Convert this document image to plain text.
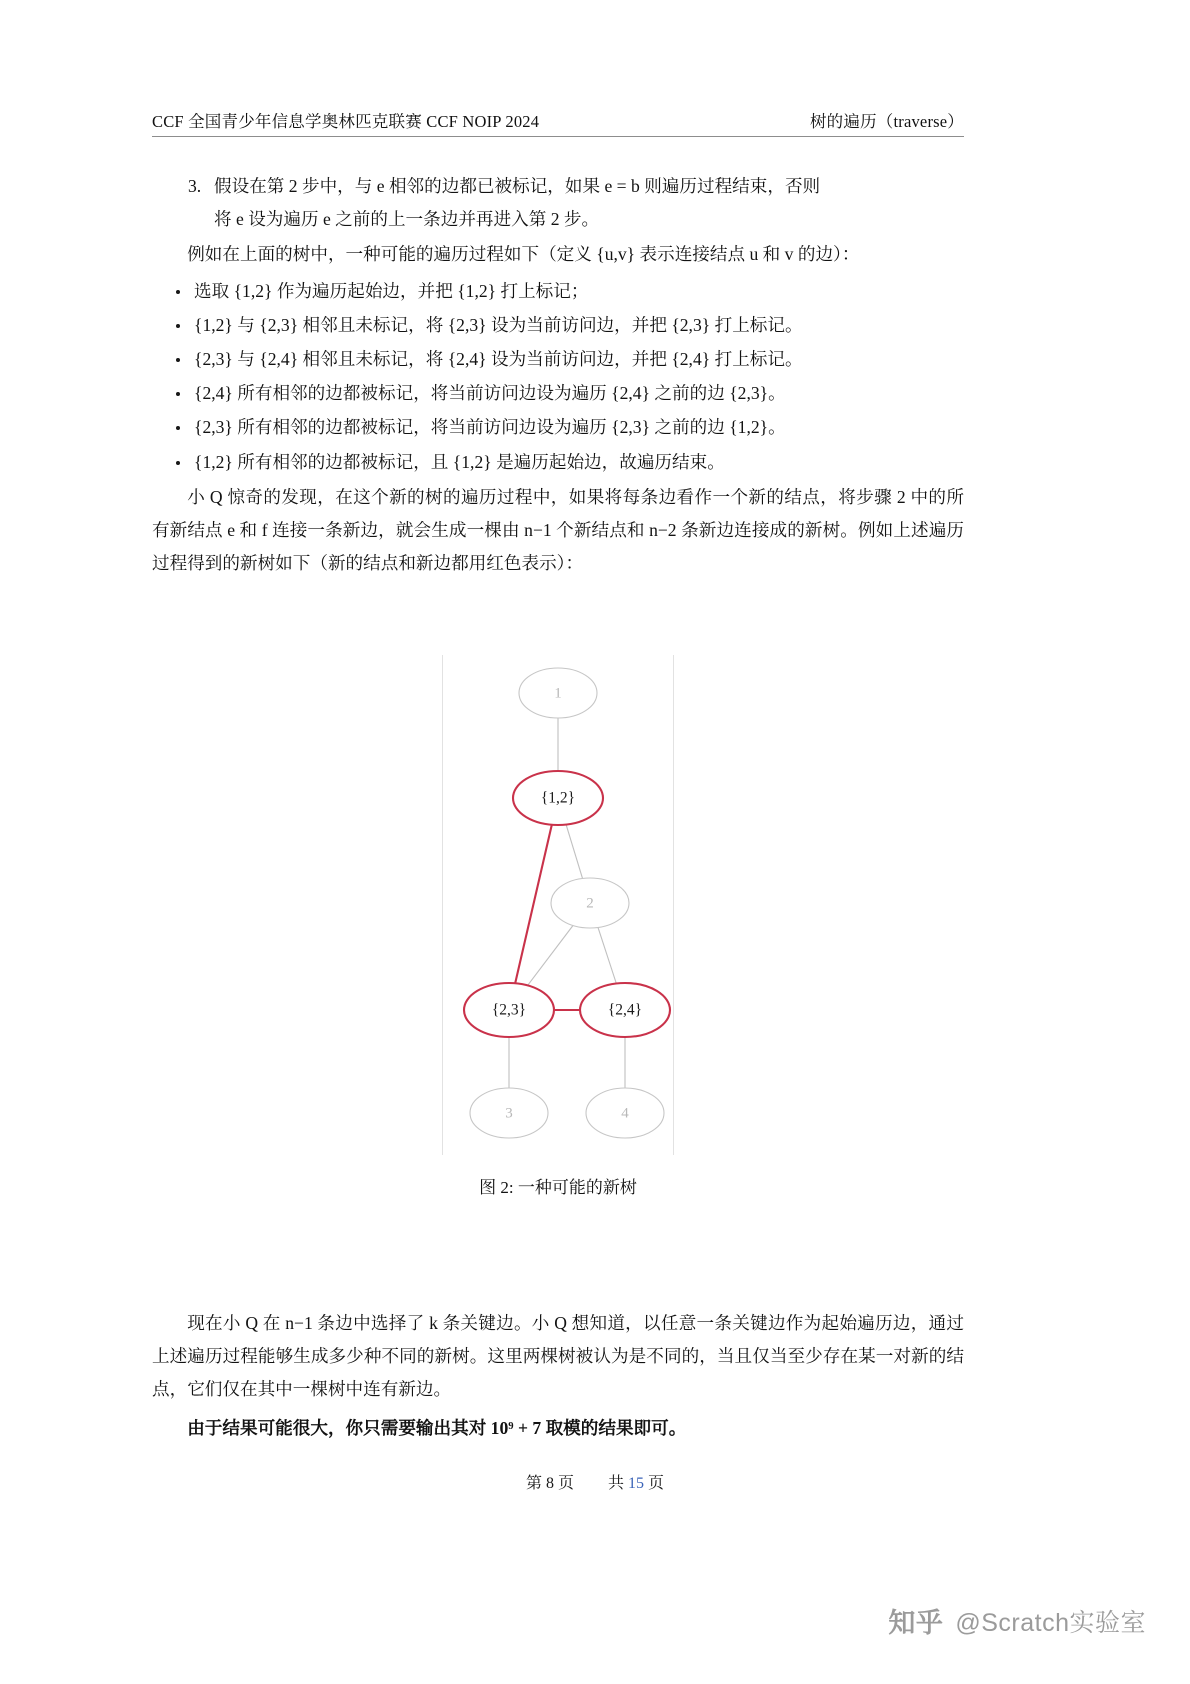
CCF 全国青少年信息学奥林匹克联赛 CCF NOIP 2024	树的遍历（traverse）
3. 假设在第 2 步中，与 e 相邻的边都已被标记，如果 e = b 则遍历过程结束，否则
将 e 设为遍历 e 之前的上一条边并再进入第 2 步。
例如在上面的树中，一种可能的遍历过程如下（定义 {u,v} 表示连接结点 u 和 v 的边）：
选取 {1,2} 作为遍历起始边，并把 {1,2} 打上标记；
{1,2} 与 {2,3} 相邻且未标记，将 {2,3} 设为当前访问边，并把 {2,3} 打上标记。
{2,3} 与 {2,4} 相邻且未标记，将 {2,4} 设为当前访问边，并把 {2,4} 打上标记。
{2,4} 所有相邻的边都被标记，将当前访问边设为遍历 {2,4} 之前的边 {2,3}。
{2,3} 所有相邻的边都被标记，将当前访问边设为遍历 {2,3} 之前的边 {1,2}。
{1,2} 所有相邻的边都被标记，且 {1,2} 是遍历起始边，故遍历结束。
小 Q 惊奇的发现，在这个新的树的遍历过程中，如果将每条边看作一个新的结点，将步骤 2 中的所有新结点 e 和 f 连接一条新边，就会生成一棵由 n−1 个新结点和 n−2 条新边连接成的新树。例如上述遍历过程得到的新树如下（新的结点和新边都用红色表示）：
1
{1,2}
2
{2,3}	{2,4}
3	4
图 2: 一种可能的新树
现在小 Q 在 n−1 条边中选择了 k 条关键边。小 Q 想知道，以任意一条关键边作为起始遍历边，通过上述遍历过程能够生成多少种不同的新树。这里两棵树被认为是不同的，当且仅当至少存在某一对新的结点，它们仅在其中一棵树中连有新边。
由于结果可能很大，你只需要输出其对 10⁹ + 7 取模的结果即可。
第 8 页 共 15 页
知乎 @Scratch实验室
